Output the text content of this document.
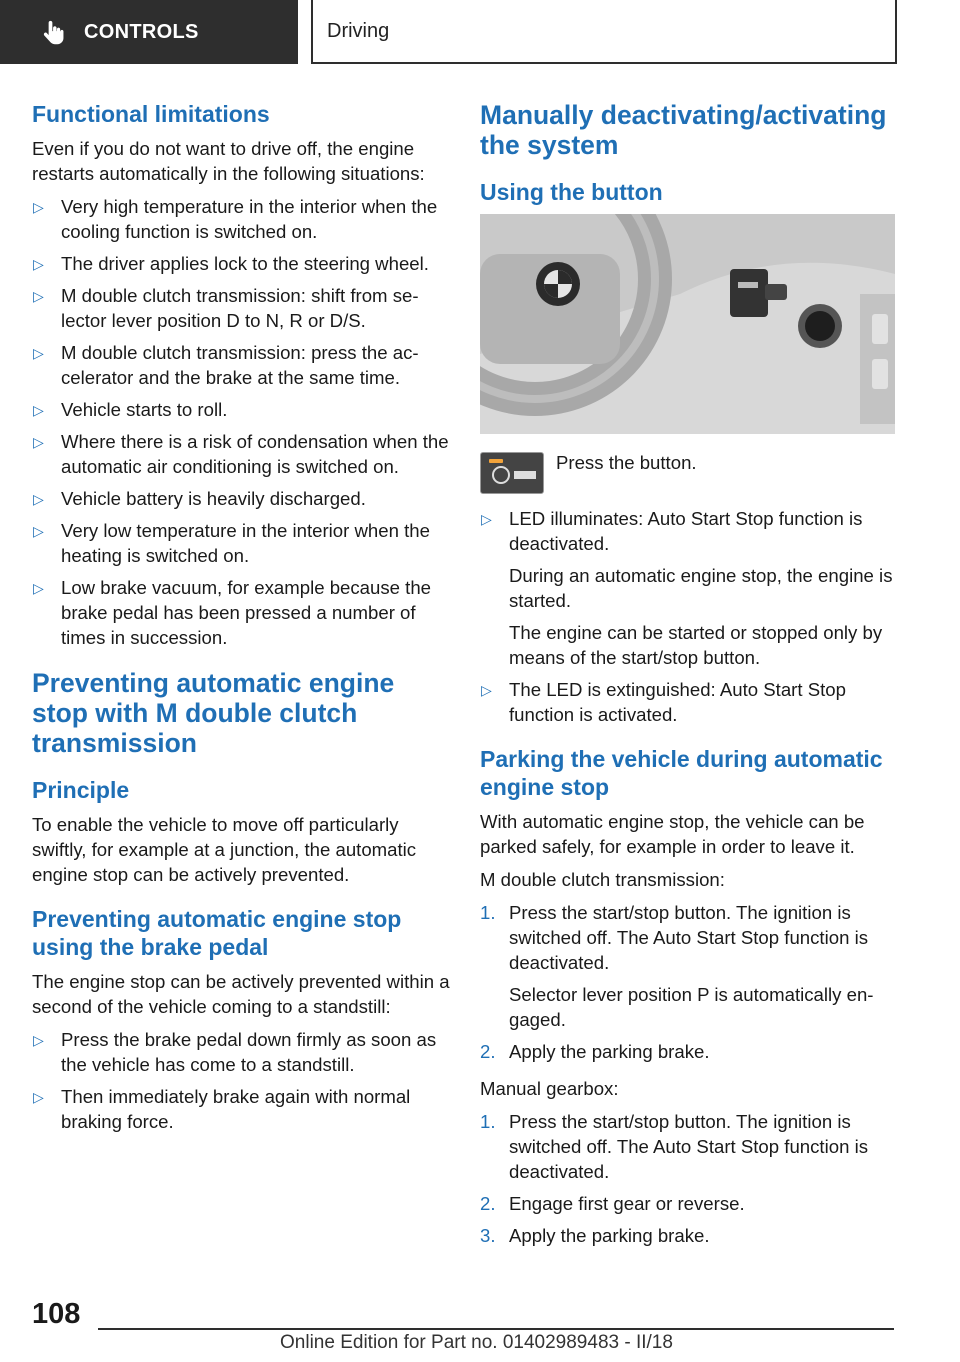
CONTROLS	Driving
Functional limitations

Even if you do not want to drive off, the engine restarts automatically in the following situations:

▷ Very high temperature in the interior when the cooling function is switched on.
▷ The driver applies lock to the steering wheel.
▷ M double clutch transmission: shift from se-lector lever position D to N, R or D/S.
▷ M double clutch transmission: press the ac-celerator and the brake at the same time.
▷ Vehicle starts to roll.
▷ Where there is a risk of condensation when the automatic air conditioning is switched on.
▷ Vehicle battery is heavily discharged.
▷ Very low temperature in the interior when the heating is switched on.
▷ Low brake vacuum, for example because the brake pedal has been pressed a number of times in succession.
Preventing automatic engine stop with M double clutch transmission
Principle

To enable the vehicle to move off particularly swiftly, for example at a junction, the automatic engine stop can be actively prevented.

Preventing automatic engine stop using the brake pedal

The engine stop can be actively prevented within a second of the vehicle coming to a standstill:

▷ Press the brake pedal down firmly as soon as the vehicle has come to a standstill.
▷ Then immediately brake again with normal braking force.
Manually deactivating/activating the system
Using the button

Press the button.

▷ LED illuminates: Auto Start Stop function is deactivated.
During an automatic engine stop, the engine is started.
The engine can be started or stopped only by means of the start/stop button.
▷ The LED is extinguished: Auto Start Stop function is activated.
Parking the vehicle during automatic engine stop

With automatic engine stop, the vehicle can be parked safely, for example in order to leave it.

M double clutch transmission:

1. Press the start/stop button. The ignition is switched off. The Auto Start Stop function is deactivated.
Selector lever position P is automatically en-gaged.
2. Apply the parking brake.

Manual gearbox:

1. Press the start/stop button. The ignition is switched off. The Auto Start Stop function is deactivated.
2. Engage first gear or reverse.
3. Apply the parking brake.
108
Online Edition for Part no. 01402989483 - II/18
